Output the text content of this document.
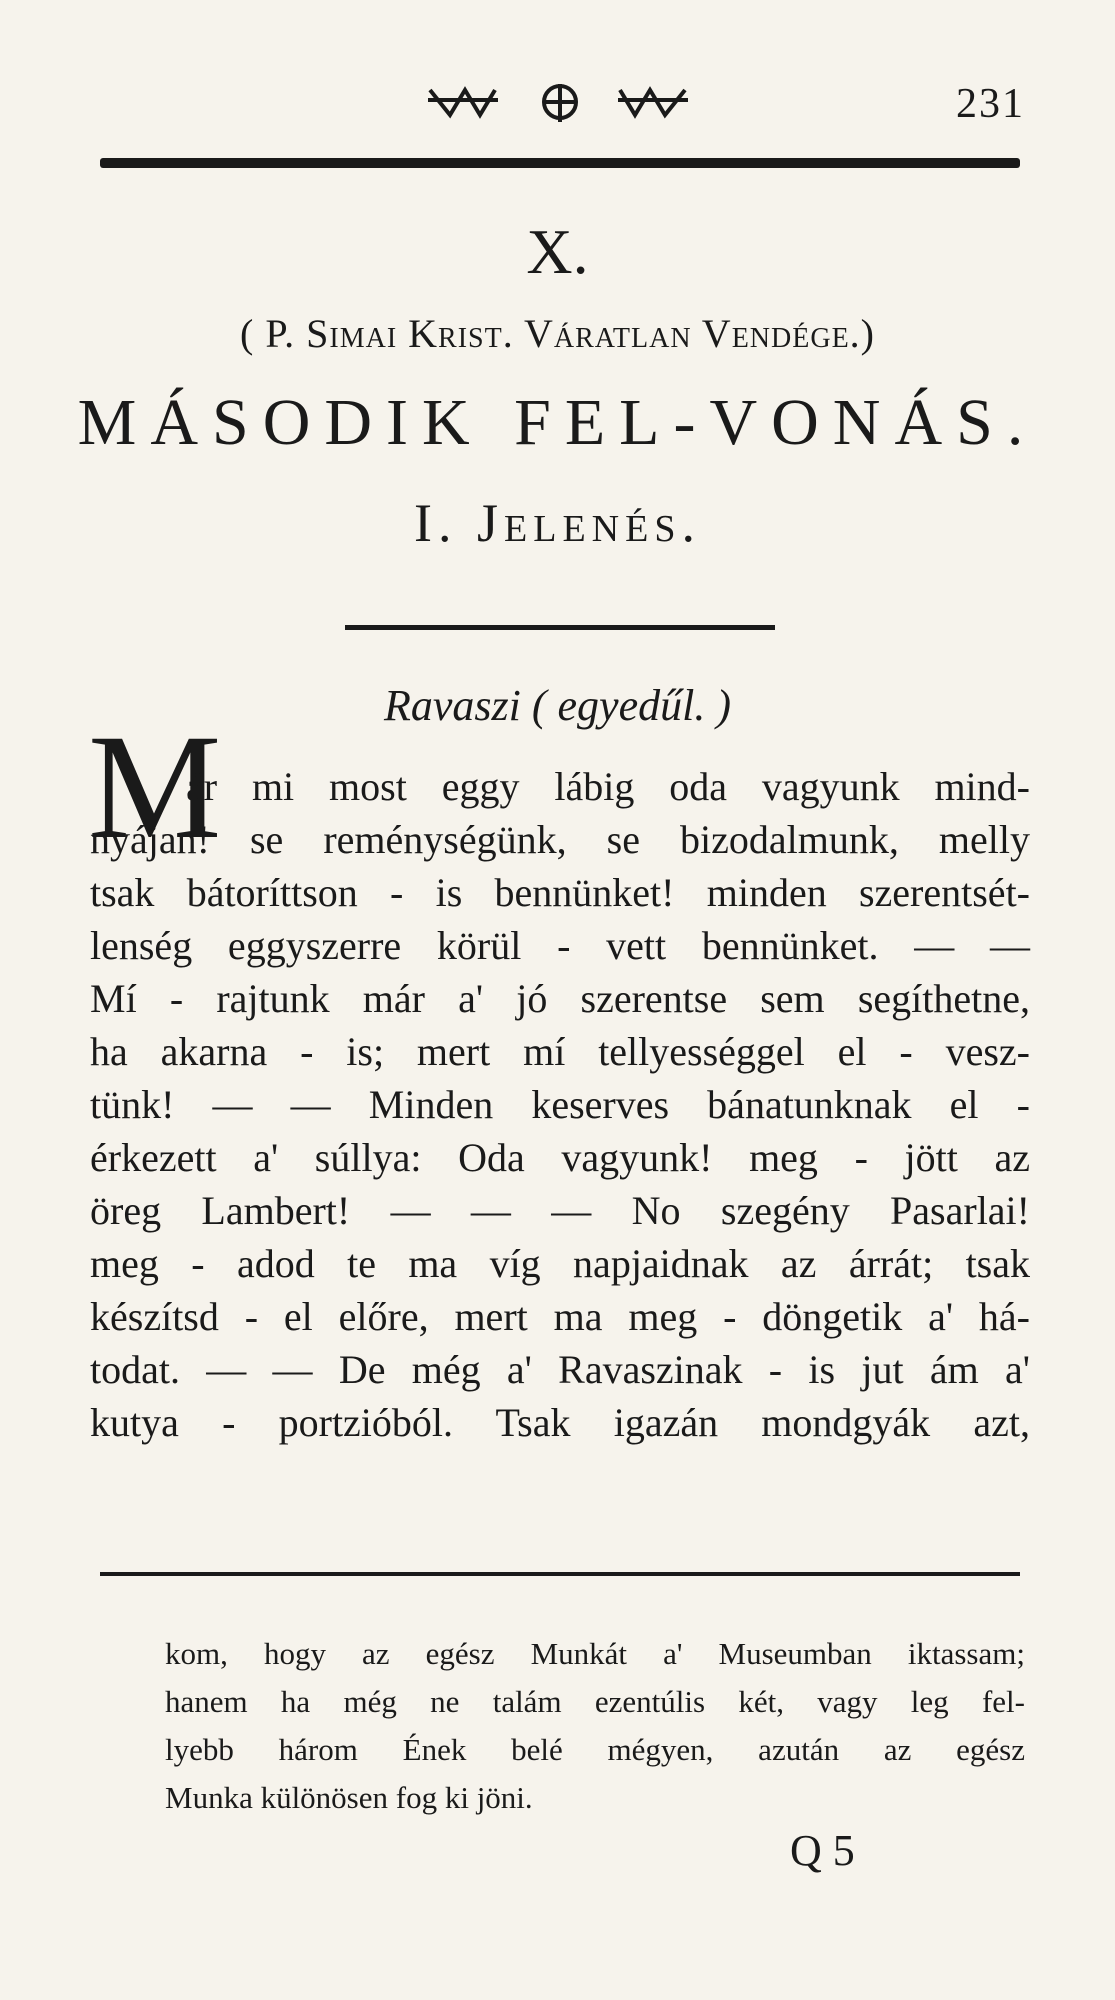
231
X.
( P. Simai Krist. Váratlan Vendége.)
MÁSODIK FEL-VONÁS.
I. Jelenés.
Ravaszi ( egyedűl. )
M
ár mi most eggy lábig oda vagyunk mind-
nyájan! se reménységünk, se bizodalmunk, melly
tsak bátoríttson - is bennünket! minden szerentsét-
lenség eggyszerre körül - vett bennünket. — —
Mí - rajtunk már a' jó szerentse sem segíthetne,
ha akarna - is; mert mí tellyességgel el - vesz-
tünk! — — Minden keserves bánatunknak el -
érkezett a' súllya: Oda vagyunk! meg - jött az
öreg Lambert! — — — No szegény Pasarlai!
meg - adod te ma víg napjaidnak az árrát; tsak
készítsd - el előre, mert ma meg - döngetik a' há-
todat. — — De még a' Ravaszinak - is jut ám a'
kutya - portzióból. Tsak igazán mondgyák azt,
kom, hogy az egész Munkát a' Museumban iktassam;
hanem ha még ne talám ezentúlis két, vagy leg fel-
lyebb három Ének belé mégyen, azután az egész
Munka különösen fog ki jöni.
Q 5
